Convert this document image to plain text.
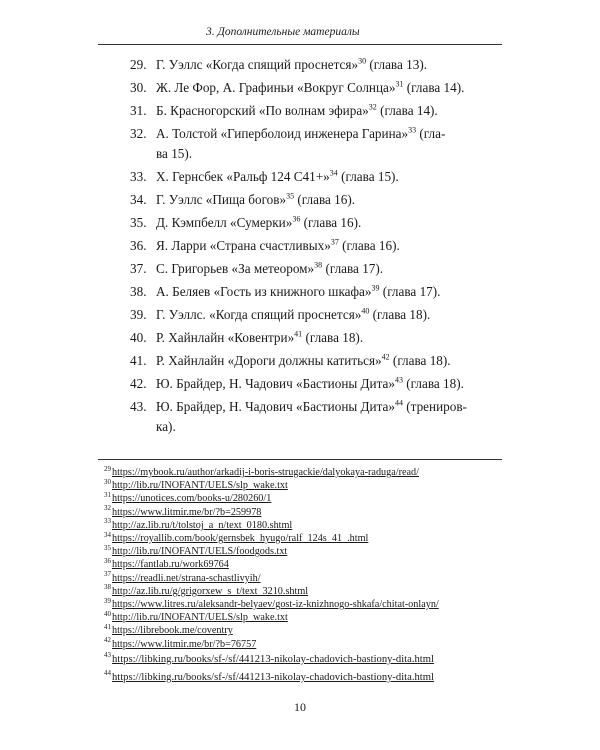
3. Дополнительные материалы
29. Г. Уэллс «Когда спящий проснется»$^{30}$ (глава 13).
30. Ж. Ле Фор, А. Графиньи «Вокруг Солнца»$^{31}$ (глава 14).
31. Б. Красногорский «По волнам эфира»$^{32}$ (глава 14).
32. А. Толстой «Гиперболоид инженера Гарина»$^{33}$ (гла-
ва 15).
33. Х. Гернсбек «Ральф 124 С41+»$^{34}$ (глава 15).
34. Г. Уэллс «Пища богов»$^{35}$ (глава 16).
35. Д. Кэмпбелл «Сумерки»$^{36}$ (глава 16).
36. Я. Ларри «Страна счастливых»$^{37}$ (глава 16).
37. С. Григорьев «За метеором»$^{38}$ (глава 17).
38. А. Беляев «Гость из книжного шкафа»$^{39}$ (глава 17).
39. Г. Уэллс. «Когда спящий проснется»$^{40}$ (глава 18).
40. Р. Хайнлайн «Ковентри»$^{41}$ (глава 18).
41. Р. Хайнлайн «Дороги должны катиться»$^{42}$ (глава 18).
42. Ю. Брайдер, Н. Чадович «Бастионы Дита»$^{43}$ (глава 18).
43. Ю. Брайдер, Н. Чадович «Бастионы Дита»$^{44}$ (трениров-
ка).
$^{29}$https://mybook.ru/author/arkadij-i-boris-strugackie/dalyokaya-raduga/read/
$^{30}$http://lib.ru/INOFANT/UELS/slp_wake.txt
$^{31}$https://unotices.com/books-u/280260/1
$^{32}$https://www.litmir.me/br/?b=259978
$^{33}$http://az.lib.ru/t/tolstoj_a_n/text_0180.shtml
$^{34}$https://royallib.com/book/gernsbek_hyugo/ralf_124s_41_.html
$^{35}$http://lib.ru/INOFANT/UELS/foodgods.txt
$^{36}$https://fantlab.ru/work69764
$^{37}$https://readli.net/strana-schastlivyih/
$^{38}$http://az.lib.ru/g/grigorxew_s_t/text_3210.shtml
$^{39}$https://www.litres.ru/aleksandr-belyaev/gost-iz-knizhnogo-shkafa/chitat-onlayn/
$^{40}$http://lib.ru/INOFANT/UELS/slp_wake.txt
$^{41}$https://librebook.me/coventry
$^{42}$https://www.litmir.me/br/?b=76757
$^{43}$https://libking.ru/books/sf-/sf/441213-nikolay-chadovich-bastiony-dita.html
$^{44}$https://libking.ru/books/sf-/sf/441213-nikolay-chadovich-bastiony-dita.html
10
